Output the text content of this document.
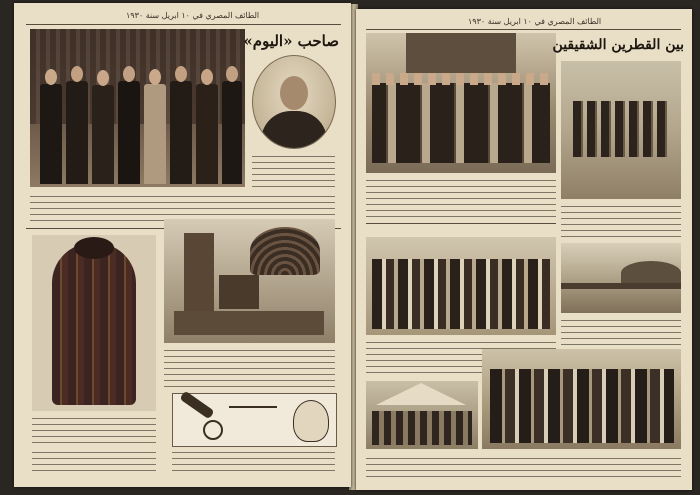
الطائف المصري في ١٠ ابريل سنة ١٩٣٠
صاحب «اليوم»
الطائف المصري في ١٠ ابريل سنة ١٩٣٠
بين القطرين الشقيقين
